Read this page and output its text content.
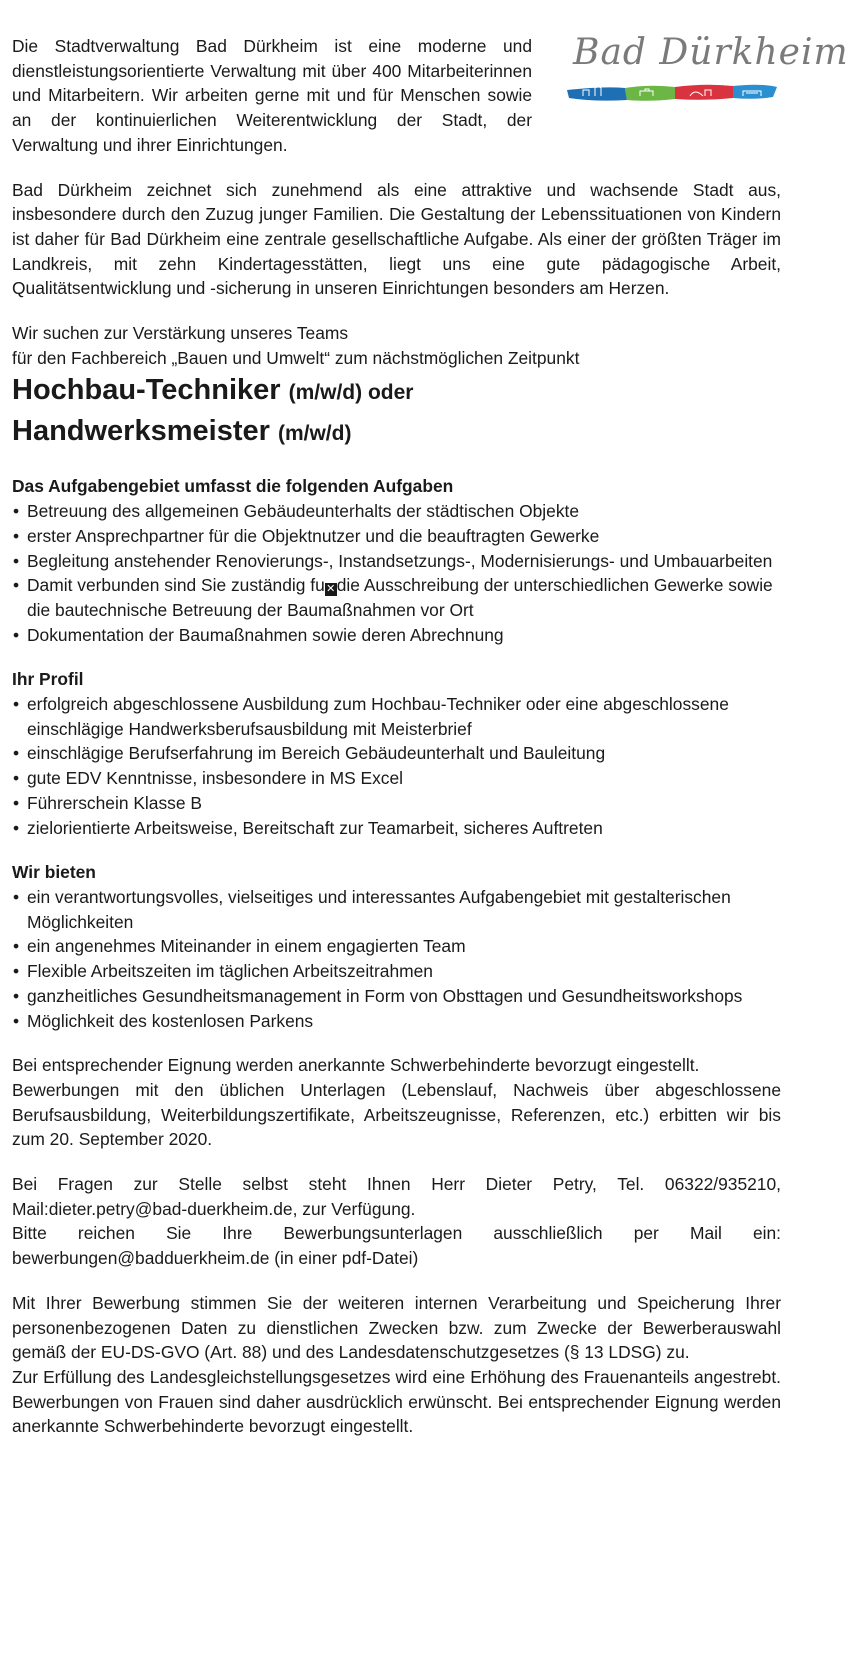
Die Stadtverwaltung Bad Dürkheim ist eine moderne und dienstleistungsorientierte Verwaltung mit über 400 Mitarbeiterinnen und Mitarbeitern. Wir arbeiten gerne mit und für Menschen sowie an der kontinuierlichen Weiterentwicklung der Stadt, der Verwaltung und ihrer Einrichtungen.

Bad Dürkheim

Bad Dürkheim zeichnet sich zunehmend als eine attraktive und wachsende Stadt aus, insbesondere durch den Zuzug junger Familien. Die Gestaltung der Lebenssituationen von Kindern ist daher für Bad Dürkheim eine zentrale gesellschaftliche Aufgabe. Als einer der größten Träger im Landkreis, mit zehn Kindertagesstätten, liegt uns eine gute pädagogische Arbeit, Qualitätsentwicklung und -sicherung in unseren Einrichtungen besonders am Herzen.

Wir suchen zur Verstärkung unseres Teams

für den Fachbereich „Bauen und Umwelt“ zum nächstmöglichen Zeitpunkt

Hochbau-Techniker (m/w/d) oder
Handwerksmeister (m/w/d)

Das Aufgabengebiet umfasst die folgenden Aufgaben

• Betreuung des allgemeinen Gebäudeunterhalts der städtischen Objekte
• erster Ansprechpartner für die Objektnutzer und die beauftragten Gewerke
• Begleitung anstehender Renovierungs-, Instandsetzungs-, Modernisierungs- und Umbauarbeiten
• Damit verbunden sind Sie zuständig fu✕die Ausschreibung der unterschiedlichen Gewerke sowie die bautechnische Betreuung der Baumaßnahmen vor Ort
• Dokumentation der Baumaßnahmen sowie deren Abrechnung

Ihr Profil

• erfolgreich abgeschlossene Ausbildung zum Hochbau-Techniker oder eine abgeschlossene einschlägige Handwerksberufsausbildung mit Meisterbrief
• einschlägige Berufserfahrung im Bereich Gebäudeunterhalt und Bauleitung
• gute EDV Kenntnisse, insbesondere in MS Excel
• Führerschein Klasse B
• zielorientierte Arbeitsweise, Bereitschaft zur Teamarbeit, sicheres Auftreten

Wir bieten

• ein verantwortungsvolles, vielseitiges und interessantes Aufgabengebiet mit gestalterischen Möglichkeiten
• ein angenehmes Miteinander in einem engagierten Team
• Flexible Arbeitszeiten im täglichen Arbeitszeitrahmen
• ganzheitliches Gesundheitsmanagement in Form von Obsttagen und Gesundheitsworkshops
• Möglichkeit des kostenlosen Parkens

Bei entsprechender Eignung werden anerkannte Schwerbehinderte bevorzugt eingestellt.

Bewerbungen mit den üblichen Unterlagen (Lebenslauf, Nachweis über abgeschlossene Berufsausbildung, Weiterbildungszertifikate, Arbeitszeugnisse, Referenzen, etc.) erbitten wir bis zum 20. September 2020.

Bei Fragen zur Stelle selbst steht Ihnen Herr Dieter Petry, Tel. 06322/935210, Mail:dieter.petry@bad-duerkheim.de, zur Verfügung.

Bitte reichen Sie Ihre Bewerbungsunterlagen ausschließlich per Mail ein: bewerbungen@badduerkheim.de (in einer pdf-Datei)

Mit Ihrer Bewerbung stimmen Sie der weiteren internen Verarbeitung und Speicherung Ihrer personenbezogenen Daten zu dienstlichen Zwecken bzw. zum Zwecke der Bewerberauswahl gemäß der EU-DS-GVO (Art. 88) und des Landesdatenschutzgesetzes (§ 13 LDSG) zu.

Zur Erfüllung des Landesgleichstellungsgesetzes wird eine Erhöhung des Frauenanteils angestrebt. Bewerbungen von Frauen sind daher ausdrücklich erwünscht. Bei entsprechender Eignung werden anerkannte Schwerbehinderte bevorzugt eingestellt.
